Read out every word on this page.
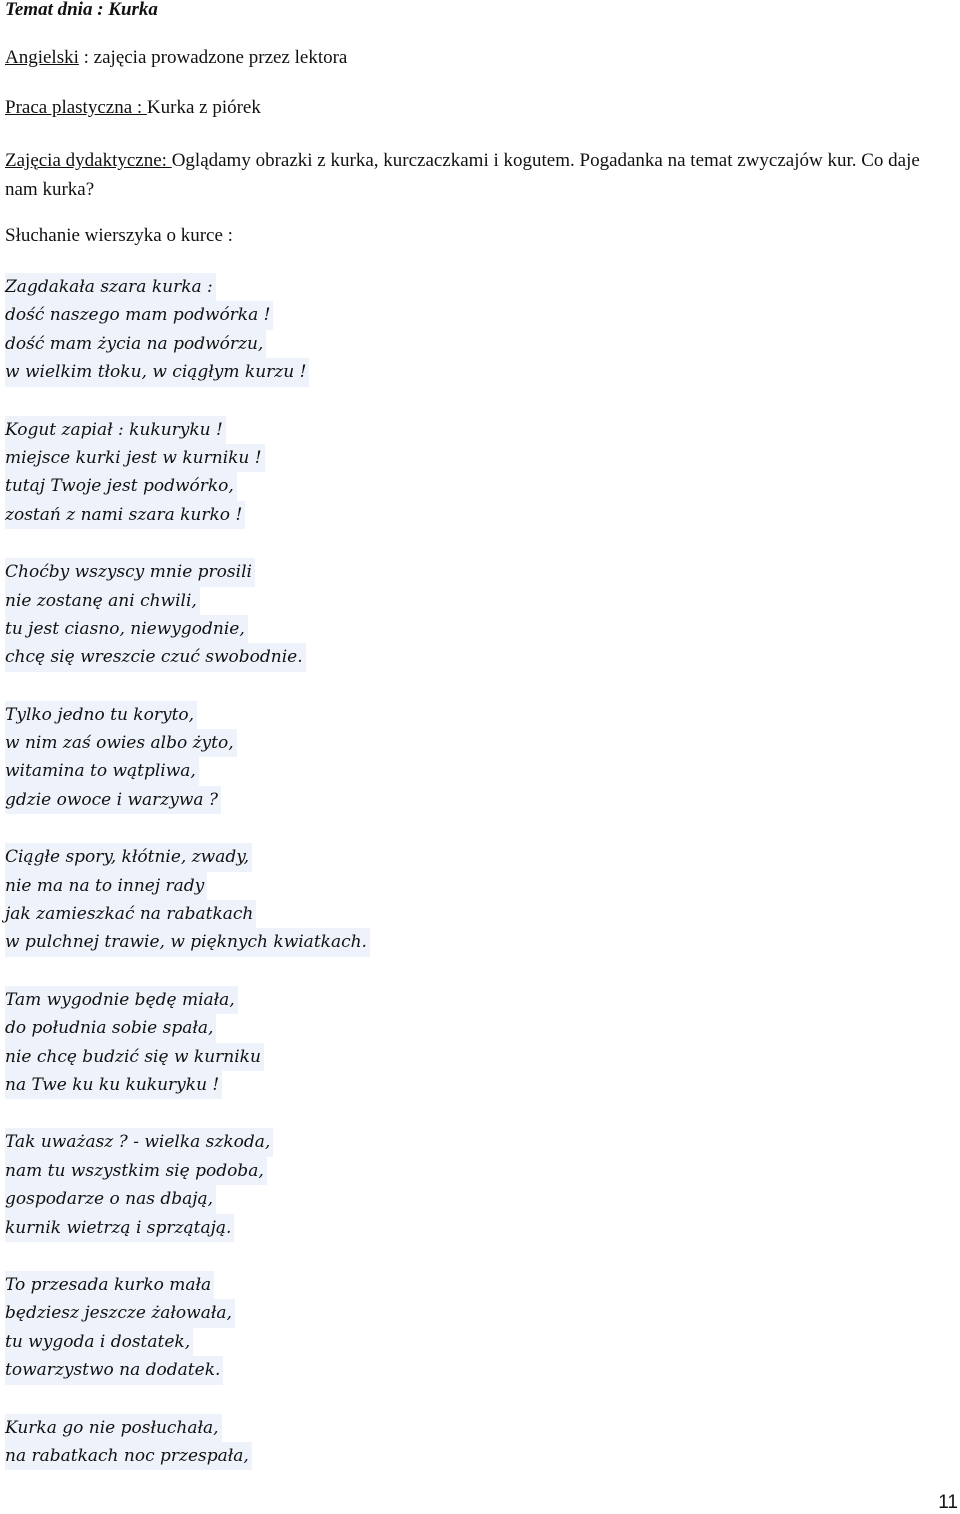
Temat dnia : Kurka
Angielski : zajęcia prowadzone przez lektora
Praca plastyczna : Kurka z piórek
Zajęcia dydaktyczne: Oglądamy obrazki z kurka, kurczaczkami i kogutem. Pogadanka na temat zwyczajów kur. Co daje nam kurka?
Słuchanie wierszyka o kurce :
Zagdakała szara kurka :
dość naszego mam podwórka !
dość mam życia na podwórzu,
w wielkim tłoku, w ciągłym kurzu !
Kogut zapiał : kukuryku !
miejsce kurki jest w kurniku !
tutaj Twoje jest podwórko,
zostań z nami szara kurko !
Choćby wszyscy mnie prosili
nie zostanę ani chwili,
tu jest ciasno, niewygodnie,
chcę się wreszcie czuć swobodnie.
Tylko jedno tu koryto,
w nim zaś owies albo żyto,
witamina to wątpliwa,
gdzie owoce i warzywa ?
Ciągłe spory, kłótnie, zwady,
nie ma na to innej rady
jak zamieszkać na rabatkach
w pulchnej trawie, w pięknych kwiatkach.
Tam wygodnie będę miała,
do południa sobie spała,
nie chcę budzić się w kurniku
na Twe ku ku kukuryku !
Tak uważasz ? - wielka szkoda,
nam tu wszystkim się podoba,
gospodarze o nas dbają,
kurnik wietrzą i sprzątają.
To przesada kurko mała
będziesz jeszcze żałowała,
tu wygoda i dostatek,
towarzystwo na dodatek.
Kurka go nie posłuchała,
na rabatkach noc przespała,
11
